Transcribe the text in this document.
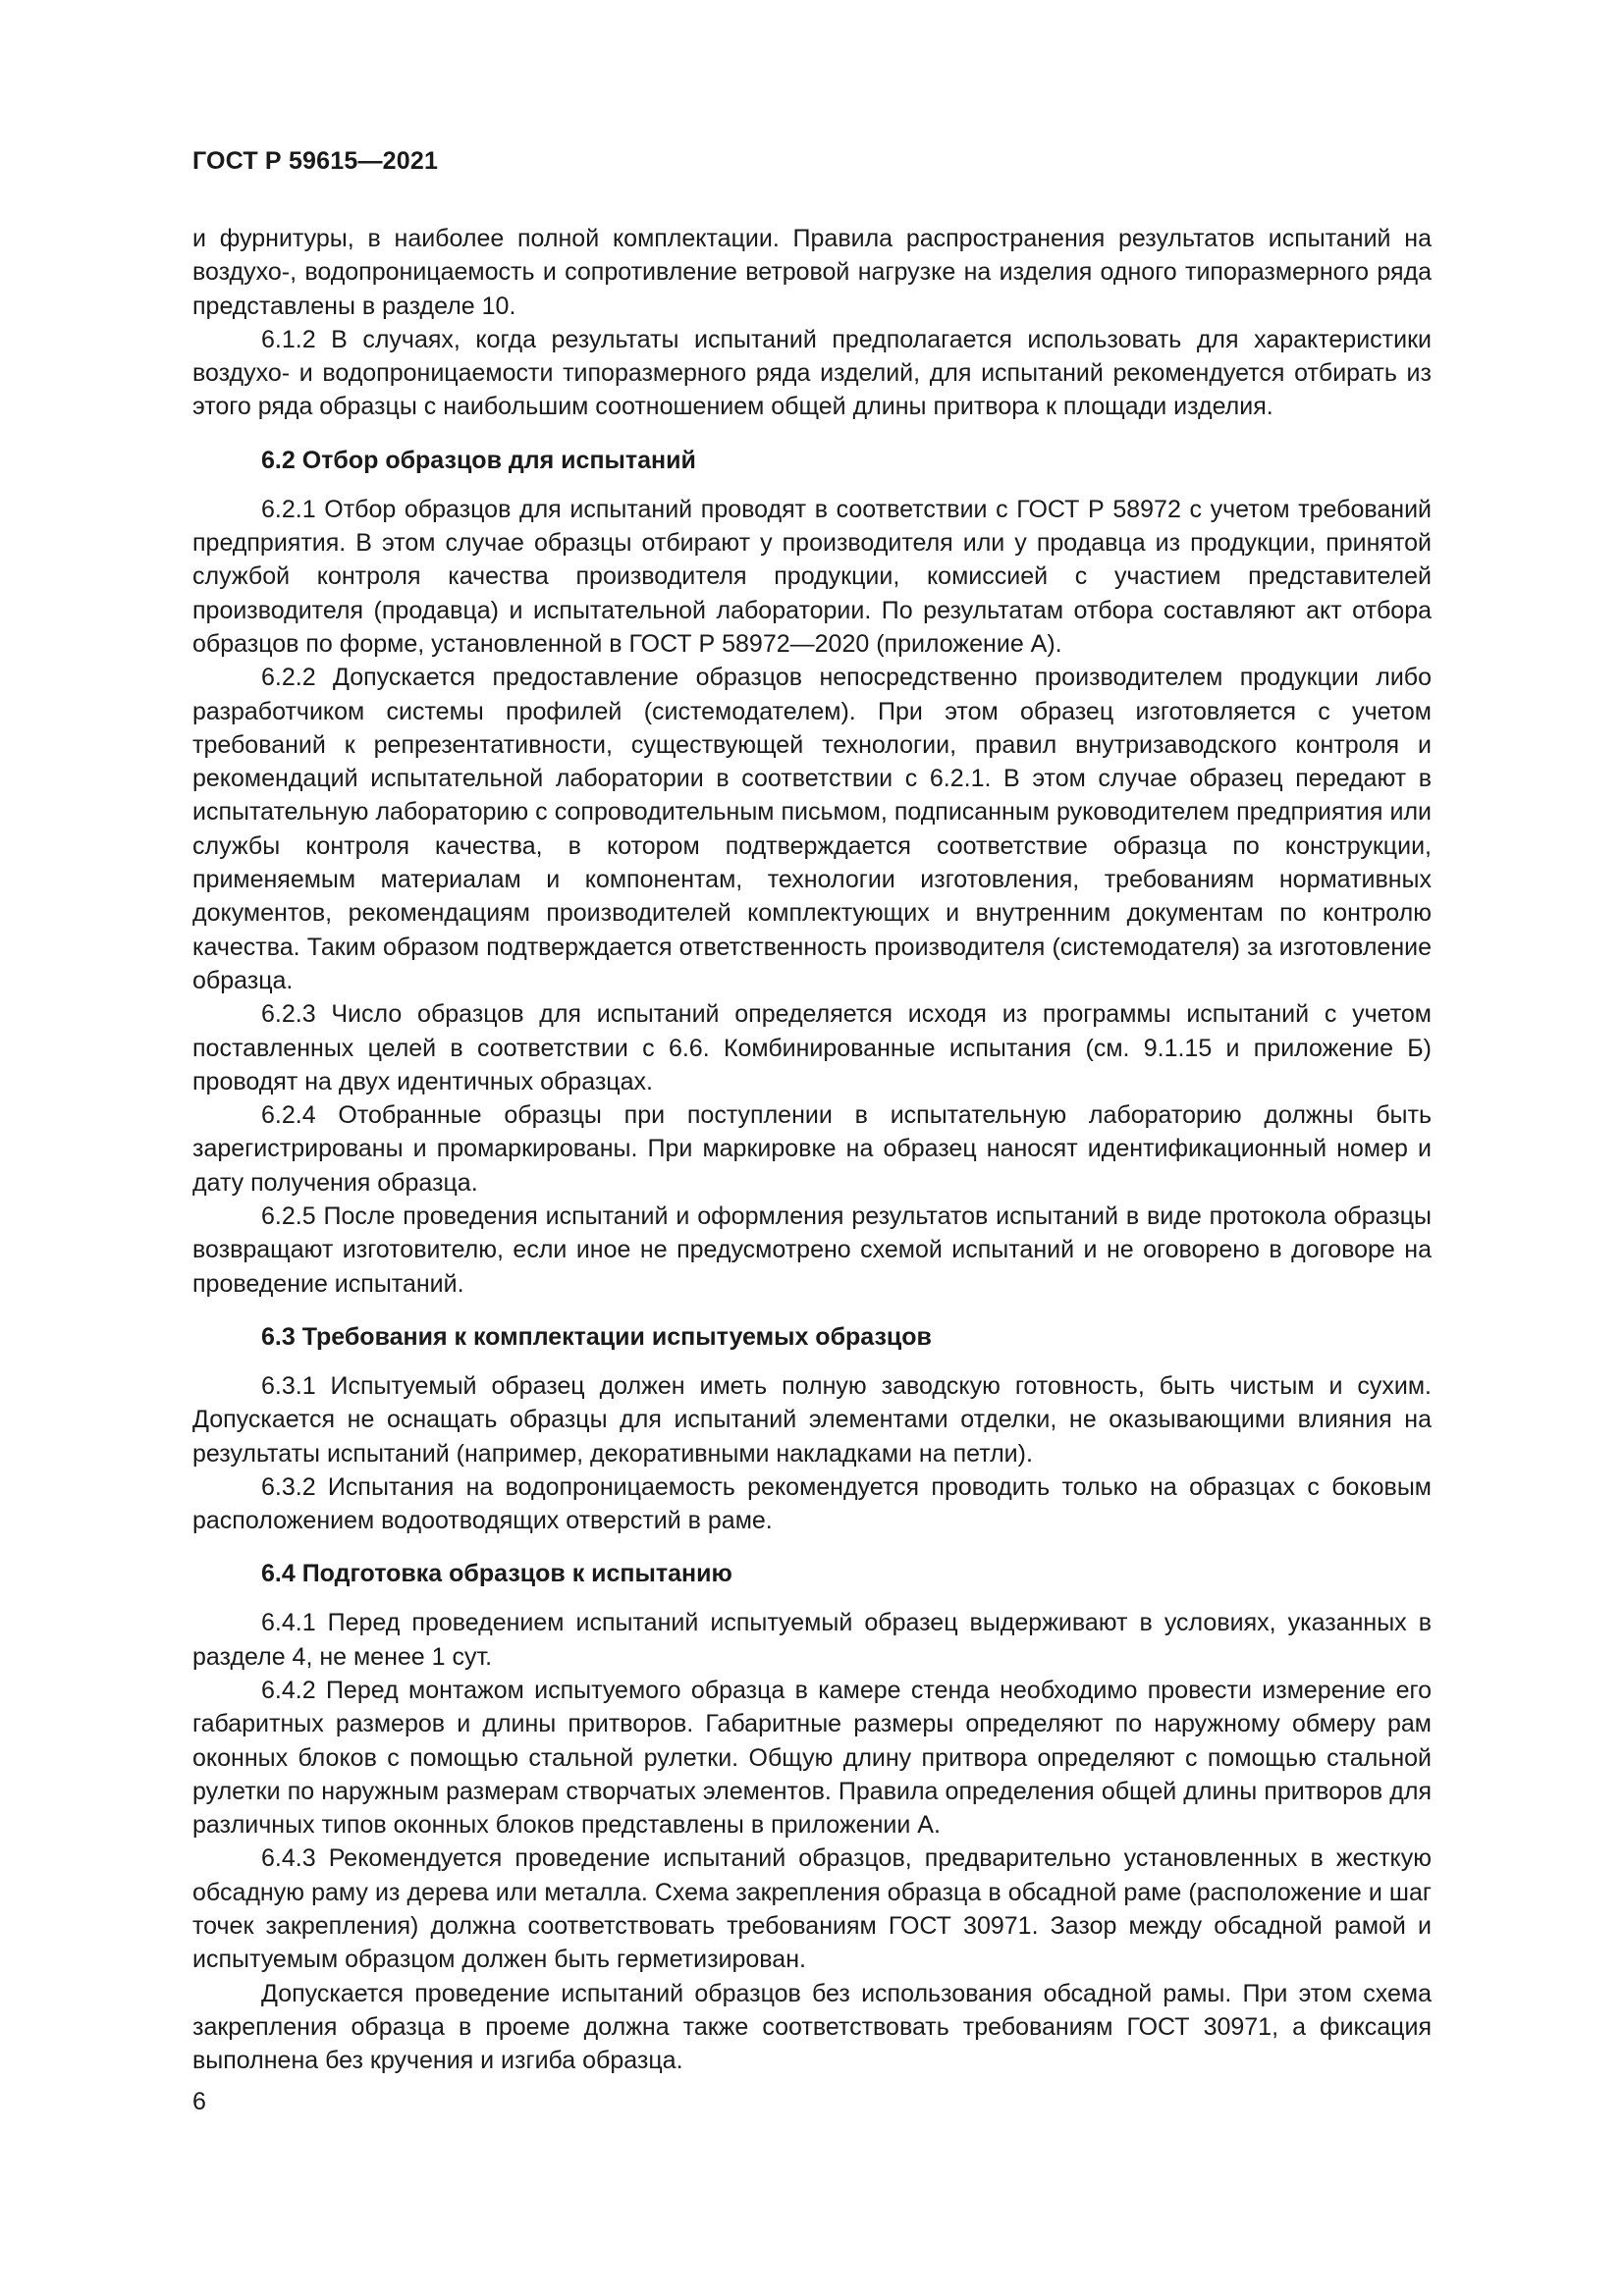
ГОСТ Р 59615—2021

и фурнитуры, в наиболее полной комплектации. Правила распространения результатов испытаний на воздухо-, водопроницаемость и сопротивление ветровой нагрузке на изделия одного типоразмерного ряда представлены в разделе 10.

6.1.2 В случаях, когда результаты испытаний предполагается использовать для характеристики воздухо- и водопроницаемости типоразмерного ряда изделий, для испытаний рекомендуется отбирать из этого ряда образцы с наибольшим соотношением общей длины притвора к площади изделия.

6.2 Отбор образцов для испытаний

6.2.1 Отбор образцов для испытаний проводят в соответствии с ГОСТ Р 58972 с учетом требований предприятия. В этом случае образцы отбирают у производителя или у продавца из продукции, принятой службой контроля качества производителя продукции, комиссией с участием представителей производителя (продавца) и испытательной лаборатории. По результатам отбора составляют акт отбора образцов по форме, установленной в ГОСТ Р 58972—2020 (приложение А).

6.2.2 Допускается предоставление образцов непосредственно производителем продукции либо разработчиком системы профилей (системодателем). При этом образец изготовляется с учетом требований к репрезентативности, существующей технологии, правил внутризаводского контроля и рекомендаций испытательной лаборатории в соответствии с 6.2.1. В этом случае образец передают в испытательную лабораторию с сопроводительным письмом, подписанным руководителем предприятия или службы контроля качества, в котором подтверждается соответствие образца по конструкции, применяемым материалам и компонентам, технологии изготовления, требованиям нормативных документов, рекомендациям производителей комплектующих и внутренним документам по контролю качества. Таким образом подтверждается ответственность производителя (системодателя) за изготовление образца.

6.2.3 Число образцов для испытаний определяется исходя из программы испытаний с учетом поставленных целей в соответствии с 6.6. Комбинированные испытания (см. 9.1.15 и приложение Б) проводят на двух идентичных образцах.

6.2.4 Отобранные образцы при поступлении в испытательную лабораторию должны быть зарегистрированы и промаркированы. При маркировке на образец наносят идентификационный номер и дату получения образца.

6.2.5 После проведения испытаний и оформления результатов испытаний в виде протокола образцы возвращают изготовителю, если иное не предусмотрено схемой испытаний и не оговорено в договоре на проведение испытаний.

6.3 Требования к комплектации испытуемых образцов

6.3.1 Испытуемый образец должен иметь полную заводскую готовность, быть чистым и сухим. Допускается не оснащать образцы для испытаний элементами отделки, не оказывающими влияния на результаты испытаний (например, декоративными накладками на петли).

6.3.2 Испытания на водопроницаемость рекомендуется проводить только на образцах с боковым расположением водоотводящих отверстий в раме.

6.4 Подготовка образцов к испытанию

6.4.1 Перед проведением испытаний испытуемый образец выдерживают в условиях, указанных в разделе 4, не менее 1 сут.

6.4.2 Перед монтажом испытуемого образца в камере стенда необходимо провести измерение его габаритных размеров и длины притворов. Габаритные размеры определяют по наружному обмеру рам оконных блоков с помощью стальной рулетки. Общую длину притвора определяют с помощью стальной рулетки по наружным размерам створчатых элементов. Правила определения общей длины притворов для различных типов оконных блоков представлены в приложении А.

6.4.3 Рекомендуется проведение испытаний образцов, предварительно установленных в жесткую обсадную раму из дерева или металла. Схема закрепления образца в обсадной раме (расположение и шаг точек закрепления) должна соответствовать требованиям ГОСТ 30971. Зазор между обсадной рамой и испытуемым образцом должен быть герметизирован.

Допускается проведение испытаний образцов без использования обсадной рамы. При этом схема закрепления образца в проеме должна также соответствовать требованиям ГОСТ 30971, а фиксация выполнена без кручения и изгиба образца.

6
